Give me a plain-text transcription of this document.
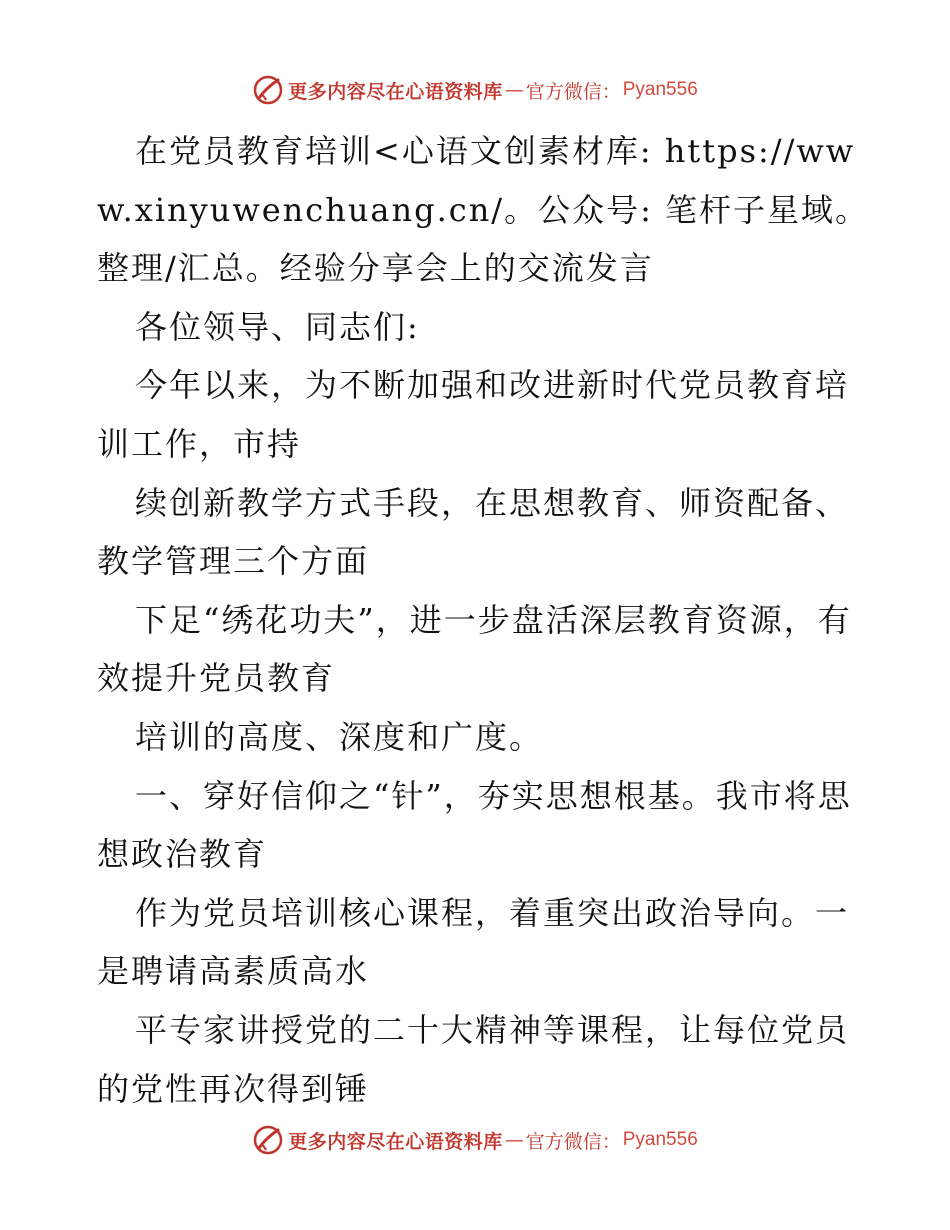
更多内容尽在心语资料库 — 官方微信： Pyan556

在党员教育培训<心语文创素材库: https://www.xinyuwenchuang.cn/。公众号: 笔杆子星域。整理/汇总。经验分享会上的交流发言

各位领导、同志们:

今年以来，为不断加强和改进新时代党员教育培训工作，市持

续创新教学方式手段，在思想教育、师资配备、教学管理三个方面

下足“绣花功夫”，进一步盘活深层教育资源，有效提升党员教育

培训的高度、深度和广度。

一、穿好信仰之“针”，夯实思想根基。我市将思想政治教育

作为党员培训核心课程，着重突出政治导向。一是聘请高素质高水

平专家讲授党的二十大精神等课程，让每位党员的党性再次得到锤

更多内容尽在心语资料库 — 官方微信： Pyan556
